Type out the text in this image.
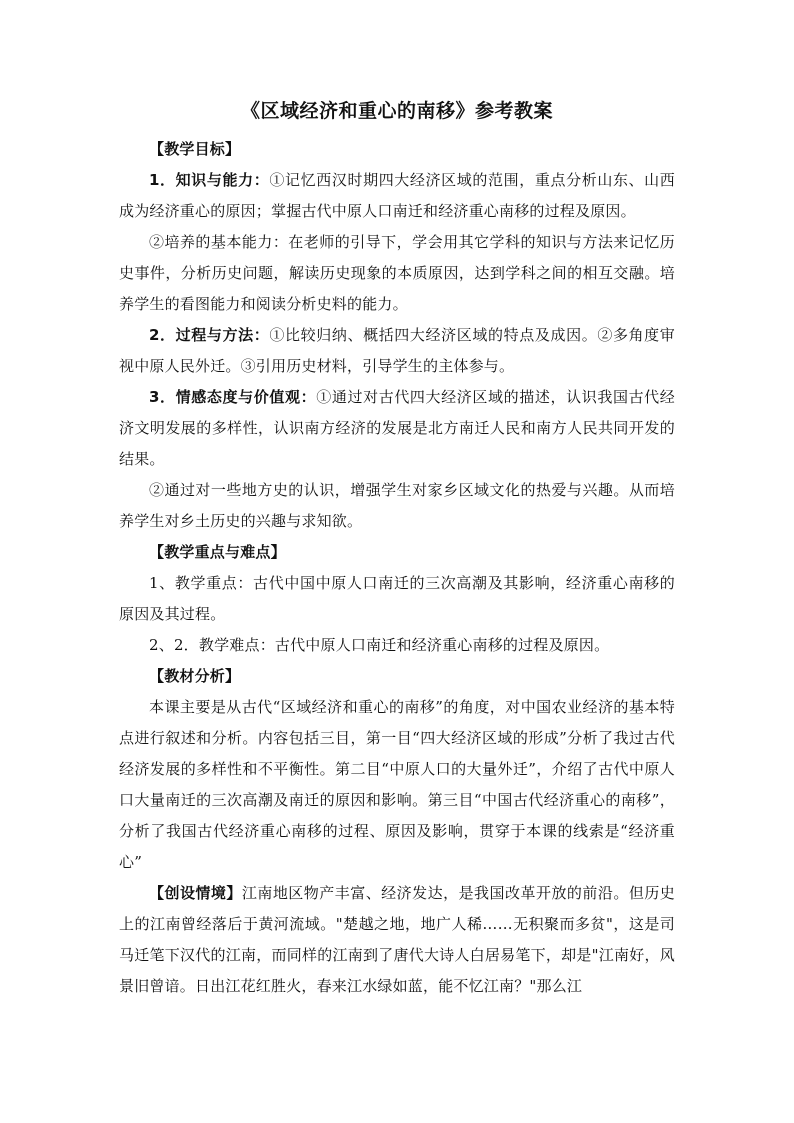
《区域经济和重心的南移》参考教案

【教学目标】

1．知识与能力：①记忆西汉时期四大经济区域的范围，重点分析山东、山西成为经济重心的原因；掌握古代中原人口南迁和经济重心南移的过程及原因。

②培养的基本能力：在老师的引导下，学会用其它学科的知识与方法来记忆历史事件，分析历史问题，解读历史现象的本质原因，达到学科之间的相互交融。培养学生的看图能力和阅读分析史料的能力。

2．过程与方法：①比较归纳、概括四大经济区域的特点及成因。②多角度审视中原人民外迁。③引用历史材料，引导学生的主体参与。

3．情感态度与价值观：①通过对古代四大经济区域的描述，认识我国古代经济文明发展的多样性，认识南方经济的发展是北方南迁人民和南方人民共同开发的结果。

②通过对一些地方史的认识，增强学生对家乡区域文化的热爱与兴趣。从而培养学生对乡土历史的兴趣与求知欲。

【教学重点与难点】

1、教学重点：古代中国中原人口南迁的三次高潮及其影响，经济重心南移的原因及其过程。

2、2．教学难点：古代中原人口南迁和经济重心南移的过程及原因。

【教材分析】

本课主要是从古代“区域经济和重心的南移”的角度，对中国农业经济的基本特点进行叙述和分析。内容包括三目，第一目“四大经济区域的形成”分析了我过古代经济发展的多样性和不平衡性。第二目“中原人口的大量外迁”，介绍了古代中原人口大量南迁的三次高潮及南迁的原因和影响。第三目“中国古代经济重心的南移”，分析了我国古代经济重心南移的过程、原因及影响，贯穿于本课的线索是“经济重心”

【创设情境】江南地区物产丰富、经济发达，是我国改革开放的前沿。但历史上的江南曾经落后于黄河流域。"楚越之地，地广人稀……无积聚而多贫"，这是司马迁笔下汉代的江南，而同样的江南到了唐代大诗人白居易笔下，却是"江南好，风景旧曾谙。日出江花红胜火，春来江水绿如蓝，能不忆江南？"那么江
